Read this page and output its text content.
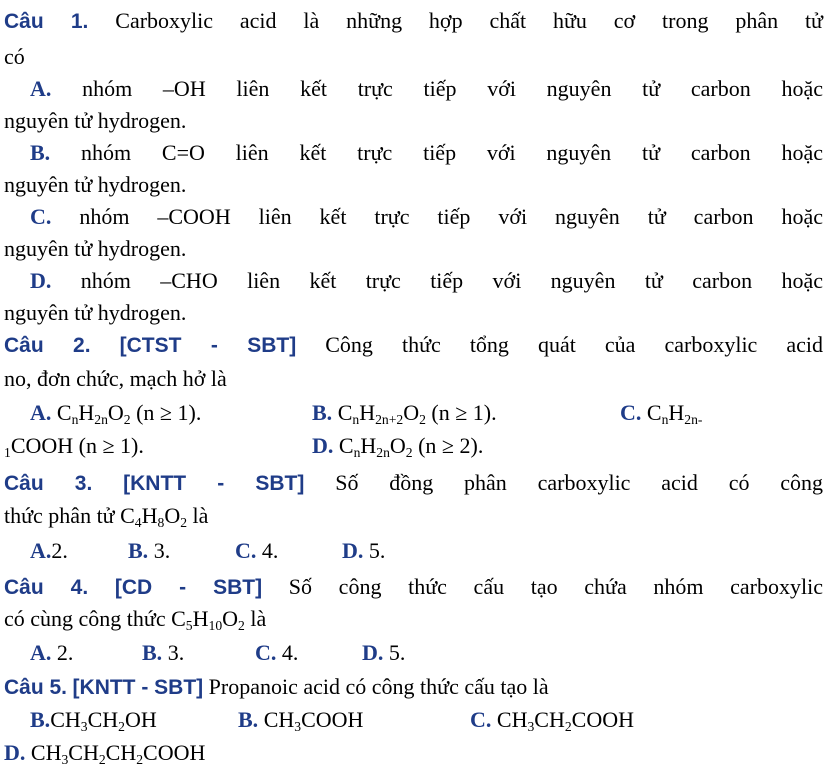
Câu 1. Carboxylic acid là những hợp chất hữu cơ trong phân tử
có
A. nhóm –OH liên kết trực tiếp với nguyên tử carbon hoặc
nguyên tử hydrogen.
B. nhóm C=O liên kết trực tiếp với nguyên tử carbon hoặc
nguyên tử hydrogen.
C. nhóm –COOH liên kết trực tiếp với nguyên tử carbon hoặc
nguyên tử hydrogen.
D. nhóm –CHO liên kết trực tiếp với nguyên tử carbon hoặc
nguyên tử hydrogen.
Câu 2. [CTST - SBT] Công thức tổng quát của carboxylic acid
no, đơn chức, mạch hở là
A. $C_nH_{2n}O_2$ (n ≥ 1).	B. $C_nH_{2n+2}O_2$ (n ≥ 1).	C. $C_nH_{2n-}$
$_1$COOH (n ≥ 1).	D. $C_nH_{2n}O_2$ (n ≥ 2).
Câu 3. [KNTT - SBT] Số đồng phân carboxylic acid có công
thức phân tử $C_4H_8O_2$ là
A.2.	B. 3.	C. 4.	D. 5.
Câu 4. [CD - SBT] Số công thức cấu tạo chứa nhóm carboxylic
có cùng công thức $C_5H_{10}O_2$ là
A. 2.	B. 3.	C. 4.	D. 5.
Câu 5. [KNTT - SBT] Propanoic acid có công thức cấu tạo là
$B.CH_3CH_2OH$	B. $CH_3COOH$	C. $CH_3CH_2COOH$
D. $CH_3CH_2CH_2COOH$
